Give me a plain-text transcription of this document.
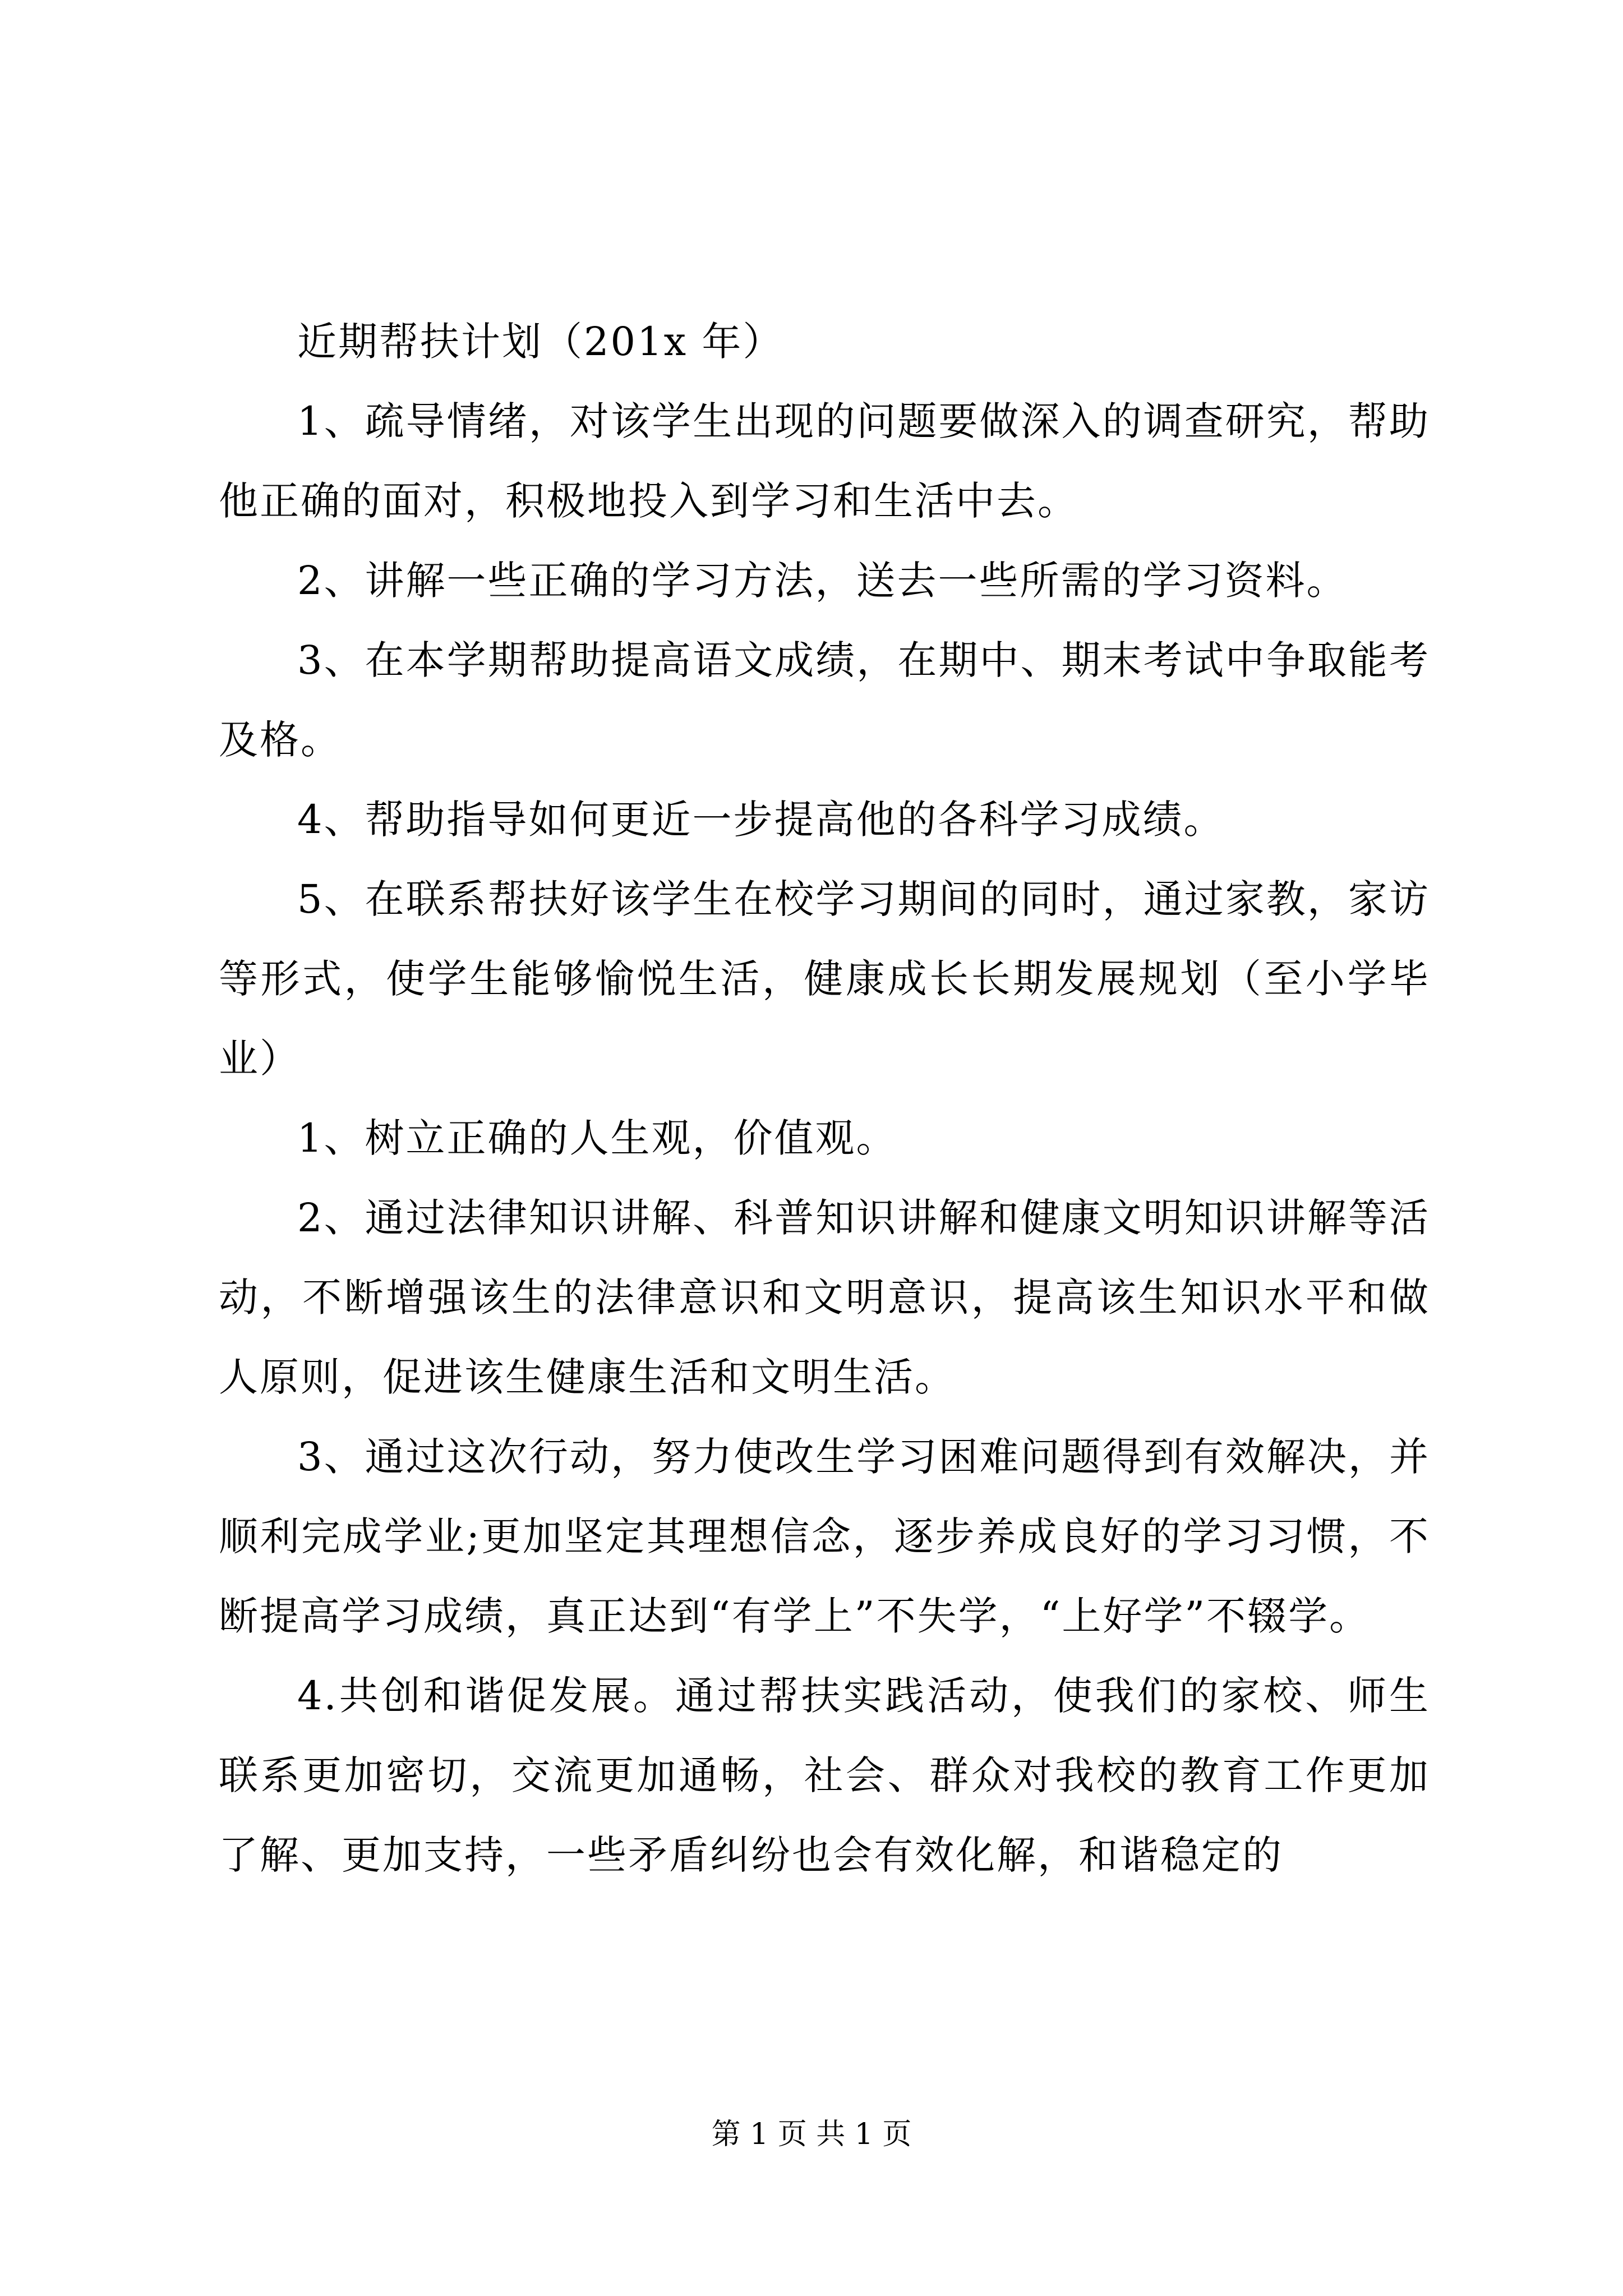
近期帮扶计划（201x 年）

1、疏导情绪，对该学生出现的问题要做深入的调查研究，帮助他正确的面对，积极地投入到学习和生活中去。

2、讲解一些正确的学习方法，送去一些所需的学习资料。

3、在本学期帮助提高语文成绩，在期中、期末考试中争取能考及格。

4、帮助指导如何更近一步提高他的各科学习成绩。

5、在联系帮扶好该学生在校学习期间的同时，通过家教，家访等形式，使学生能够愉悦生活，健康成长长期发展规划（至小学毕业）

1、树立正确的人生观，价值观。

2、通过法律知识讲解、科普知识讲解和健康文明知识讲解等活动，不断增强该生的法律意识和文明意识，提高该生知识水平和做人原则，促进该生健康生活和文明生活。

3、通过这次行动，努力使改生学习困难问题得到有效解决，并顺利完成学业;更加坚定其理想信念，逐步养成良好的学习习惯，不断提高学习成绩，真正达到“有学上”不失学，“上好学”不辍学。

4.共创和谐促发展。通过帮扶实践活动，使我们的家校、师生联系更加密切，交流更加通畅，社会、群众对我校的教育工作更加了解、更加支持，一些矛盾纠纷也会有效化解，和谐稳定的

第 1 页 共 1 页
